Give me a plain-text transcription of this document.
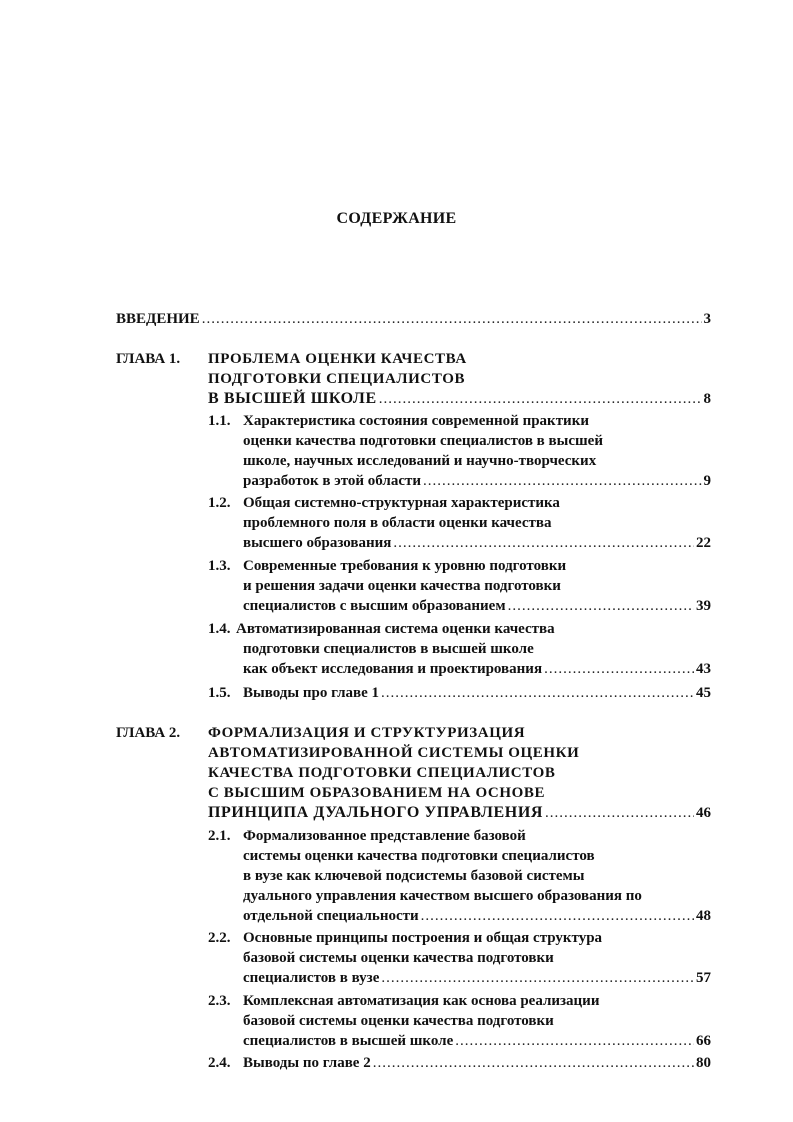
СОДЕРЖАНИЕ
ВВЕДЕНИЕ .....	3
ГЛАВА 1. ПРОБЛЕМА ОЦЕНКИ КАЧЕСТВА
ПОДГОТОВКИ СПЕЦИАЛИСТОВ
В ВЫСШЕЙ ШКОЛЕ .....	8
1.1. Характеристика состояния современной практики
оценки качества подготовки специалистов в высшей
школе, научных исследований и научно-творческих
разработок в этой области .....	9
1.2. Общая системно-структурная характеристика
проблемного поля в области оценки качества
высшего образования .....	22
1.3. Современные требования к уровню подготовки
и решения задачи оценки качества подготовки
специалистов с высшим образованием .....	39
1.4. Автоматизированная система оценки качества
подготовки специалистов в высшей школе
как объект исследования и проектирования .....	43
1.5. Выводы про главе 1 .....	45
ГЛАВА 2. ФОРМАЛИЗАЦИЯ И СТРУКТУРИЗАЦИЯ
АВТОМАТИЗИРОВАННОЙ СИСТЕМЫ ОЦЕНКИ
КАЧЕСТВА ПОДГОТОВКИ СПЕЦИАЛИСТОВ
С ВЫСШИМ ОБРАЗОВАНИЕМ НА ОСНОВЕ
ПРИНЦИПА ДУАЛЬНОГО УПРАВЛЕНИЯ .....	46
2.1. Формализованное представление базовой
системы оценки качества подготовки специалистов
в вузе как ключевой подсистемы базовой системы
дуального управления качеством высшего образования по
отдельной специальности .....	48
2.2. Основные принципы построения и общая структура
базовой системы оценки качества подготовки
специалистов в вузе .....	57
2.3. Комплексная автоматизация как основа реализации
базовой системы оценки качества подготовки
специалистов в высшей школе .....	66
2.4. Выводы по главе 2 .....	80
